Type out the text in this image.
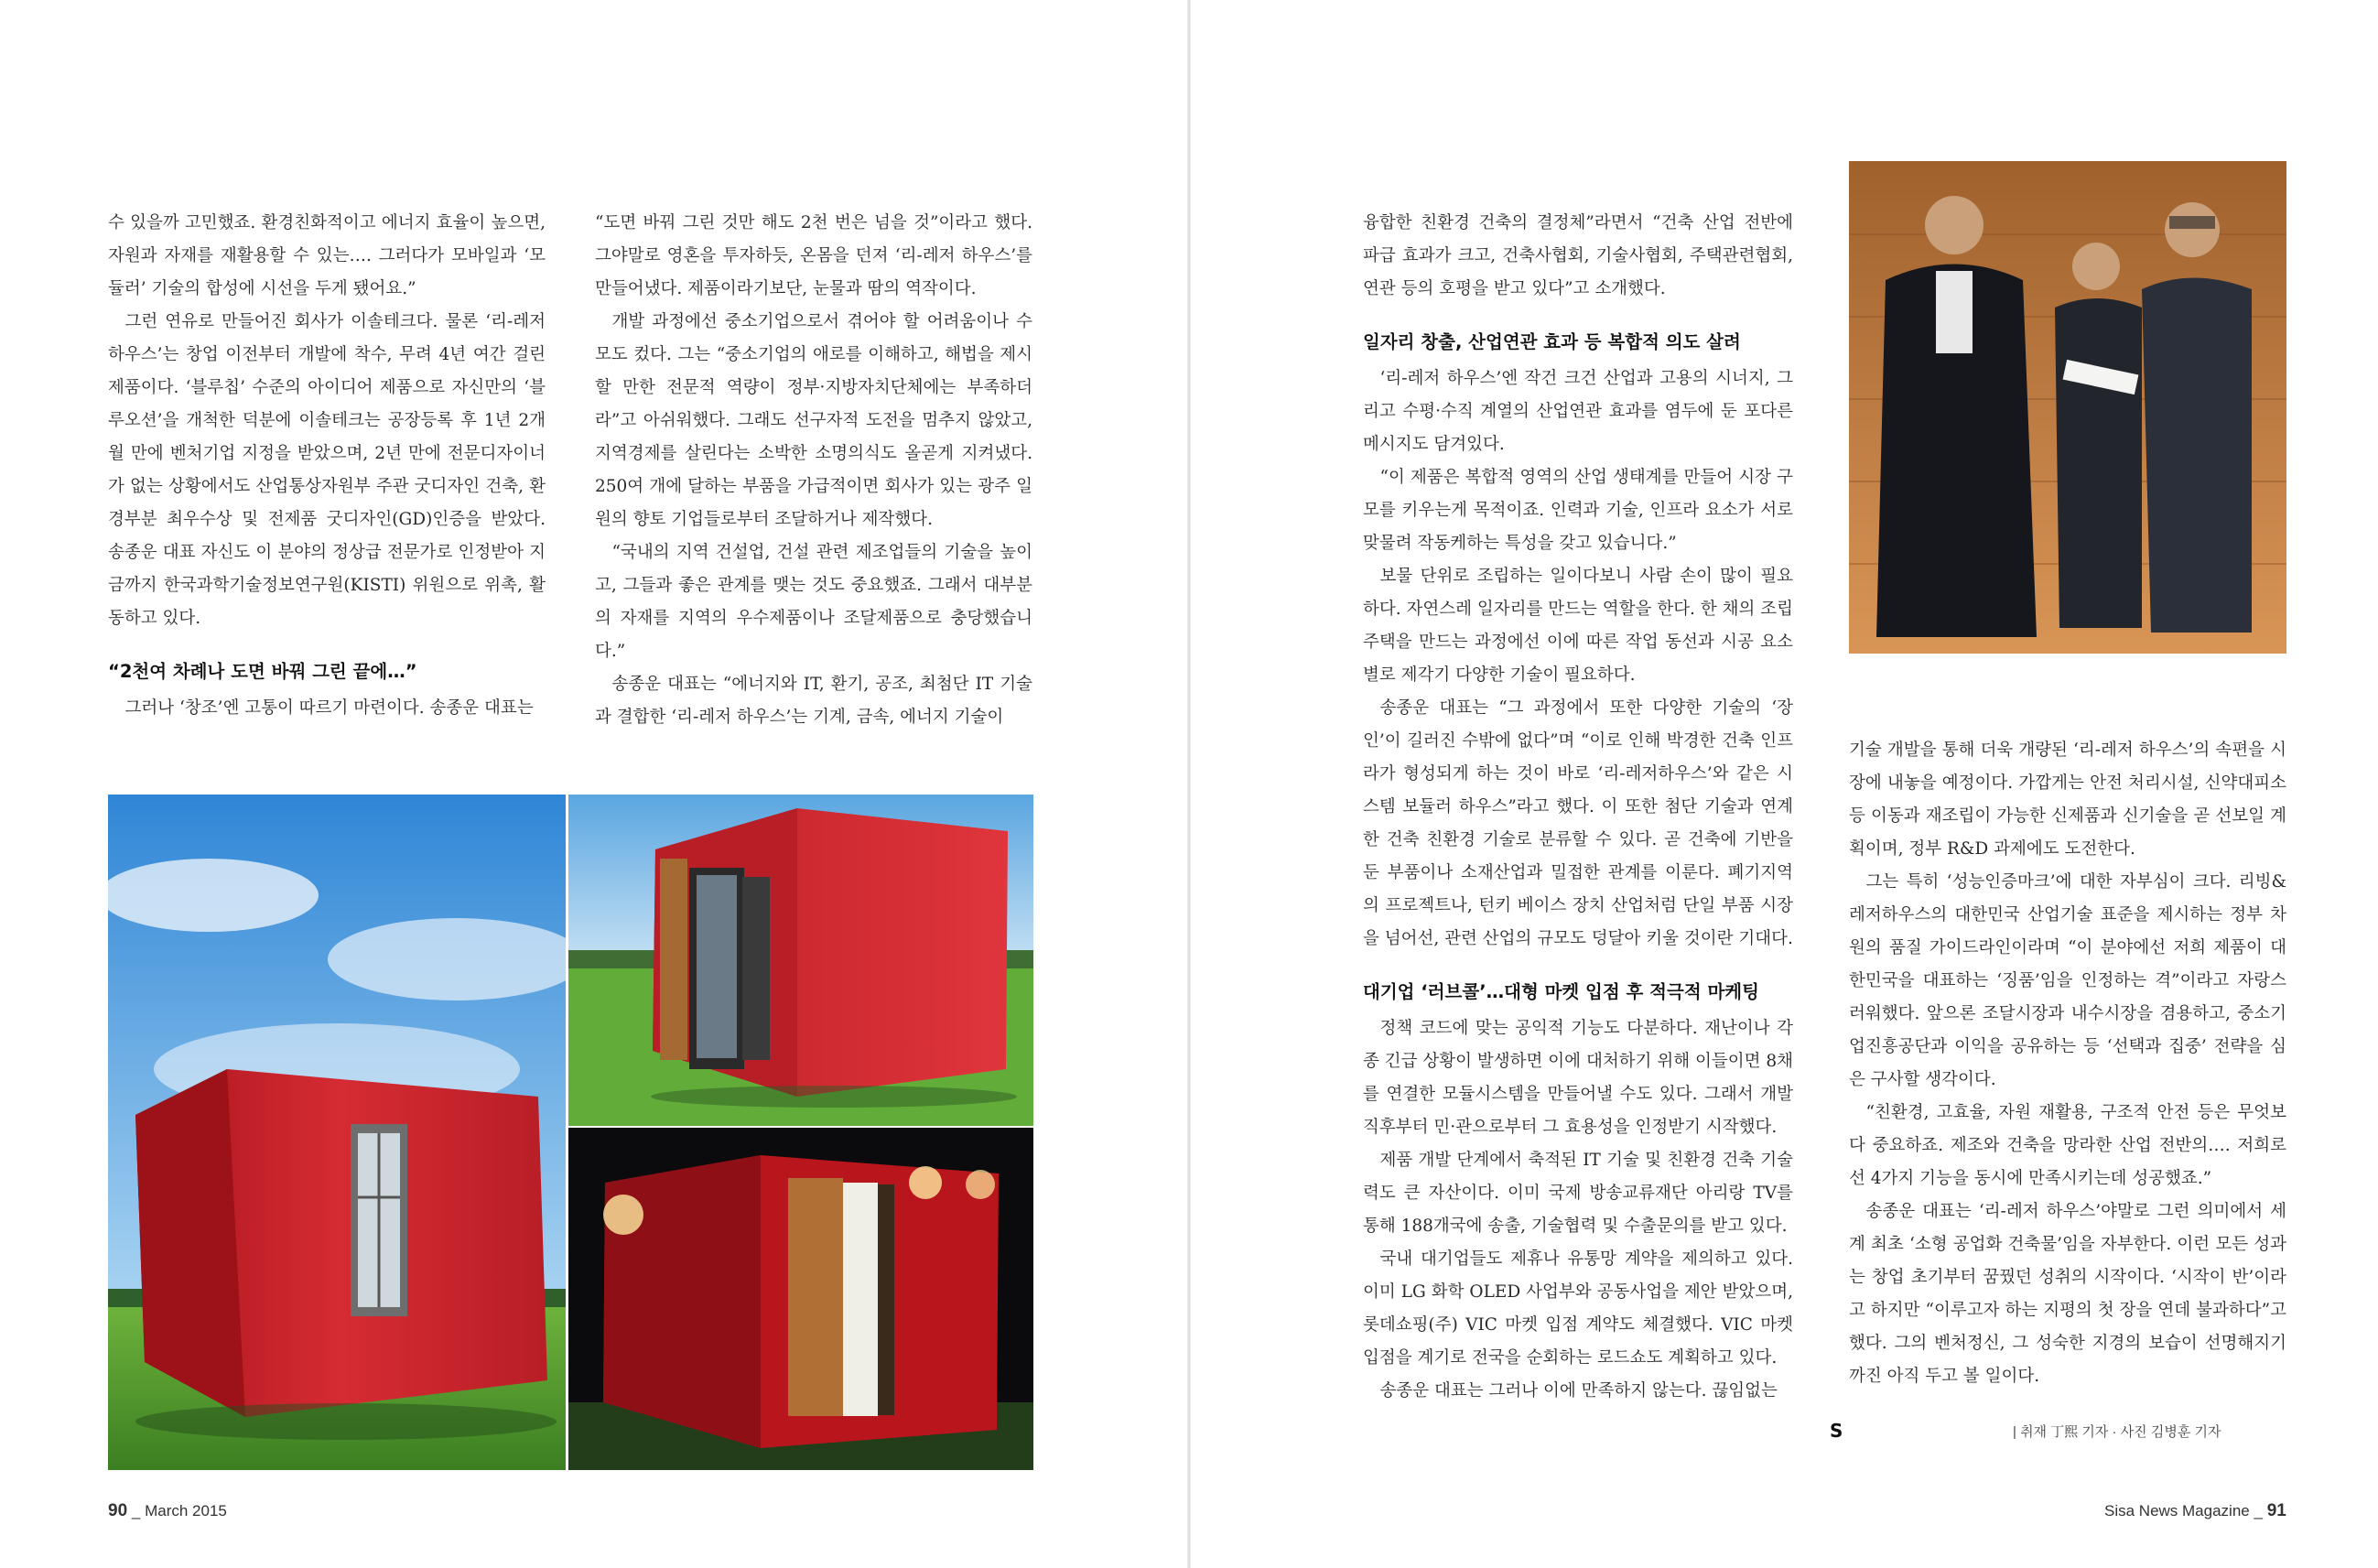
수 있을까 고민했죠. 환경친화적이고 에너지 효율이 높으면, 자원과 자재를 재활용할 수 있는…. 그러다가 모바일과 ‘모듈러’ 기술의 합성에 시선을 두게 됐어요.”

그런 연유로 만들어진 회사가 이솔테크다. 물론 ‘리-레저 하우스’는 창업 이전부터 개발에 착수, 무려 4년 여간 걸린 제품이다. ‘블루칩’ 수준의 아이디어 제품으로 자신만의 ‘블루오션’을 개척한 덕분에 이솔테크는 공장등록 후 1년 2개월 만에 벤처기업 지정을 받았으며, 2년 만에 전문디자이너가 없는 상황에서도 산업통상자원부 주관 굿디자인 건축, 환경부분 최우수상 및 전제품 굿디자인(GD)인증을 받았다. 송종운 대표 자신도 이 분야의 정상급 전문가로 인정받아 지금까지 한국과학기술정보연구원(KISTI) 위원으로 위촉, 활동하고 있다.

“2천여 차례나 도면 바꿔 그린 끝에…”

그러나 ‘창조’엔 고통이 따르기 마련이다. 송종운 대표는

“도면 바꿔 그린 것만 해도 2천 번은 넘을 것”이라고 했다. 그야말로 영혼을 투자하듯, 온몸을 던져 ‘리-레저 하우스’를 만들어냈다. 제품이라기보단, 눈물과 땀의 역작이다.

개발 과정에선 중소기업으로서 겪어야 할 어려움이나 수모도 컸다. 그는 “중소기업의 애로를 이해하고, 해법을 제시할 만한 전문적 역량이 정부·지방자치단체에는 부족하더라”고 아쉬워했다. 그래도 선구자적 도전을 멈추지 않았고, 지역경제를 살린다는 소박한 소명의식도 올곧게 지켜냈다. 250여 개에 달하는 부품을 가급적이면 회사가 있는 광주 일원의 향토 기업들로부터 조달하거나 제작했다.

“국내의 지역 건설업, 건설 관련 제조업들의 기술을 높이고, 그들과 좋은 관계를 맺는 것도 중요했죠. 그래서 대부분의 자재를 지역의 우수제품이나 조달제품으로 충당했습니다.”

송종운 대표는 “에너지와 IT, 환기, 공조, 최첨단 IT 기술과 결합한 ‘리-레저 하우스’는 기계, 금속, 에너지 기술이

90 _ March 2015

융합한 친환경 건축의 결정체”라면서 “건축 산업 전반에 파급 효과가 크고, 건축사협회, 기술사협회, 주택관련협회, 연관 등의 호평을 받고 있다”고 소개했다.

일자리 창출, 산업연관 효과 등 복합적 의도 살려

‘리-레저 하우스’엔 작건 크건 산업과 고용의 시너지, 그리고 수평·수직 계열의 산업연관 효과를 염두에 둔 포다른 메시지도 담겨있다.

“이 제품은 복합적 영역의 산업 생태계를 만들어 시장 구모를 키우는게 목적이죠. 인력과 기술, 인프라 요소가 서로 맞물려 작동케하는 특성을 갖고 있습니다.”

보물 단위로 조립하는 일이다보니 사람 손이 많이 필요하다. 자연스레 일자리를 만드는 역할을 한다. 한 채의 조립 주택을 만드는 과정에선 이에 따른 작업 동선과 시공 요소별로 제각기 다양한 기술이 필요하다.

송종운 대표는 “그 과정에서 또한 다양한 기술의 ‘장인’이 길러진 수밖에 없다”며 “이로 인해 박경한 건축 인프라가 형성되게 하는 것이 바로 ‘리-레저하우스’와 같은 시스템 보듈러 하우스”라고 했다. 이 또한 첨단 기술과 연계한 건축 친환경 기술로 분류할 수 있다. 곧 건축에 기반을 둔 부품이나 소재산업과 밀접한 관계를 이룬다. 폐기지역의 프로젝트나, 턴키 베이스 장치 산업처럼 단일 부품 시장을 넘어선, 관련 산업의 규모도 덩달아 키울 것이란 기대다.

대기업 ‘러브콜’…대형 마켓 입점 후 적극적 마케팅

정책 코드에 맞는 공익적 기능도 다분하다. 재난이나 각종 긴급 상황이 발생하면 이에 대처하기 위해 이들이면 8채를 연결한 모듈시스템을 만들어낼 수도 있다. 그래서 개발 직후부터 민·관으로부터 그 효용성을 인정받기 시작했다.

제품 개발 단계에서 축적된 IT 기술 및 친환경 건축 기술력도 큰 자산이다. 이미 국제 방송교류재단 아리랑 TV를 통해 188개국에 송출, 기술협력 및 수출문의를 받고 있다.

국내 대기업들도 제휴나 유통망 계약을 제의하고 있다. 이미 LG 화학 OLED 사업부와 공동사업을 제안 받았으며, 롯데쇼핑(주) VIC 마켓 입점 계약도 체결했다. VIC 마켓 입점을 계기로 전국을 순회하는 로드쇼도 계획하고 있다.

송종운 대표는 그러나 이에 만족하지 않는다. 끊임없는

기술 개발을 통해 더욱 개량된 ‘리-레저 하우스’의 속편을 시장에 내놓을 예정이다. 가깝게는 안전 처리시설, 신약대피소 등 이동과 재조립이 가능한 신제품과 신기술을 곧 선보일 계획이며, 정부 R&D 과제에도 도전한다.

그는 특히 ‘성능인증마크’에 대한 자부심이 크다. 리빙&레저하우스의 대한민국 산업기술 표준을 제시하는 정부 차원의 품질 가이드라인이라며 “이 분야에선 저희 제품이 대한민국을 대표하는 ‘징품’임을 인정하는 격”이라고 자랑스러워했다. 앞으론 조달시장과 내수시장을 겸용하고, 중소기업진흥공단과 이익을 공유하는 등 ‘선택과 집중’ 전략을 심은 구사할 생각이다.

“친환경, 고효율, 자원 재활용, 구조적 안전 등은 무엇보다 중요하죠. 제조와 건축을 망라한 산업 전반의…. 저희로선 4가지 기능을 동시에 만족시키는데 성공했죠.”

송종운 대표는 ‘리-레저 하우스’야말로 그런 의미에서 세계 최초 ‘소형 공업화 건축물’임을 자부한다. 이런 모든 성과는 창업 초기부터 꿈꿨던 성취의 시작이다. ‘시작이 반’이라고 하지만 “이루고자 하는 지평의 첫 장을 연데 불과하다”고 했다. 그의 벤처정신, 그 성숙한 지경의 보습이 선명해지기까진 아직 두고 볼 일이다.

S	| 취재 丁熙 기자 · 사진 김병훈 기자
Sisa News Magazine _ 91
